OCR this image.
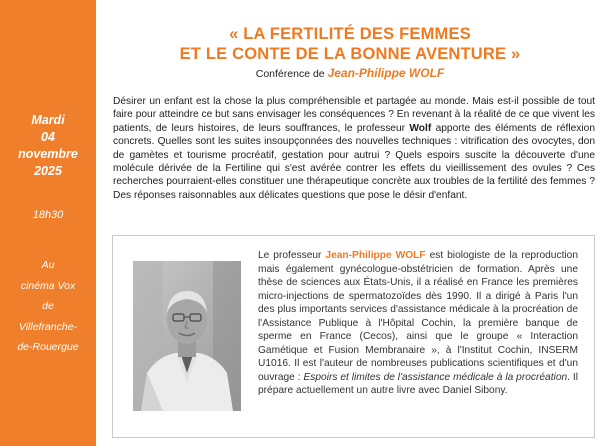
Mardi
04
novembre
2025
18h30
Au
cinéma Vox
de
Villefranche-
de-Rouergue
« LA FERTILITÉ DES FEMMES
ET LE CONTE DE LA BONNE AVENTURE »
Conférence de Jean-Philippe WOLF
Désirer un enfant est la chose la plus compréhensible et partagée au monde. Mais est-il possible de tout faire pour atteindre ce but sans envisager les conséquences ? En revenant à la réalité de ce que vivent les patients, de leurs histoires, de leurs souffrances, le professeur Wolf apporte des éléments de réflexion concrets. Quelles sont les suites insoupçonnées des nouvelles techniques : vitrification des ovocytes, don de gamètes et tourisme procréatif, gestation pour autrui ? Quels espoirs suscite la découverte d'une molécule dérivée de la Fertiline qui s'est avérée contrer les effets du vieillissement des ovules ? Ces recherches pourraient-elles constituer une thérapeutique concrète aux troubles de la fertilité des femmes ? Des réponses raisonnables aux délicates questions que pose le désir d'enfant.
Le professeur Jean-Philippe WOLF est biologiste de la reproduction mais également gynécologue-obstétricien de formation. Après une thèse de sciences aux États-Unis, il a réalisé en France les premières micro-injections de spermatozoïdes dès 1990. Il a dirigé à Paris l'un des plus importants services d'assistance médicale à la procréation de l'Assistance Publique à l'Hôpital Cochin, la première banque de sperme en France (Cecos), ainsi que le groupe « Interaction Gamétique et Fusion Membranaire », à l'Institut Cochin, INSERM U1016. Il est l'auteur de nombreuses publications scientifiques et d'un ouvrage : Espoirs et limites de l'assistance médicale à la procréation. Il prépare actuellement un autre livre avec Daniel Sibony.
